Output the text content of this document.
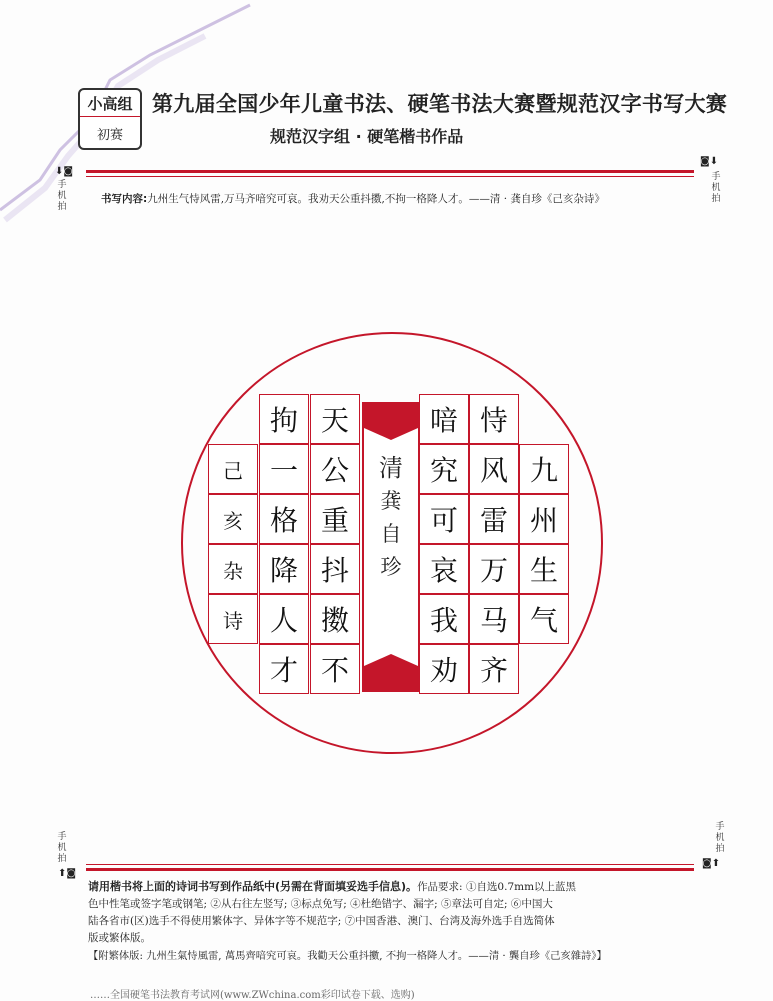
小高组
初赛
第九届全国少年儿童书法、硬笔书法大赛暨规范汉字书写大赛
规范汉字组 · 硬笔楷书作品
⬇◙
手机拍
◙⬇
手机拍
书写内容:九州生气恃风雷,万马齐喑究可哀。我劝天公重抖擞,不拘一格降人才。——清 · 龚自珍《己亥杂诗》
九
州
生
气
恃
风
雷
万
马
齐
喑
究
可
哀
我
劝
清
龚
自
珍
天
公
重
抖
擞
不
拘
一
格
降
人
才
己
亥
杂
诗
手机拍
⬆◙
手机拍
◙⬆
请用楷书将上面的诗词书写到作品纸中(另需在背面填妥选手信息)。作品要求: ①自选0.7mm以上蓝黑
色中性笔或签字笔或钢笔; ②从右往左竖写; ③标点免写; ④杜绝错字、漏字; ⑤章法可自定; ⑥中国大
陆各省市(区)选手不得使用繁体字、异体字等不规范字; ⑦中国香港、澳门、台湾及海外选手自选简体
版或繁体版。
【附繁体版: 九州生氣恃風雷, 萬馬齊喑究可哀。我勸天公重抖擻, 不拘一格降人才。——清 · 龔自珍《己亥雜詩》】
……全国硬笔书法教育考试网(www.ZWchina.com彩印试卷下载、选购)
